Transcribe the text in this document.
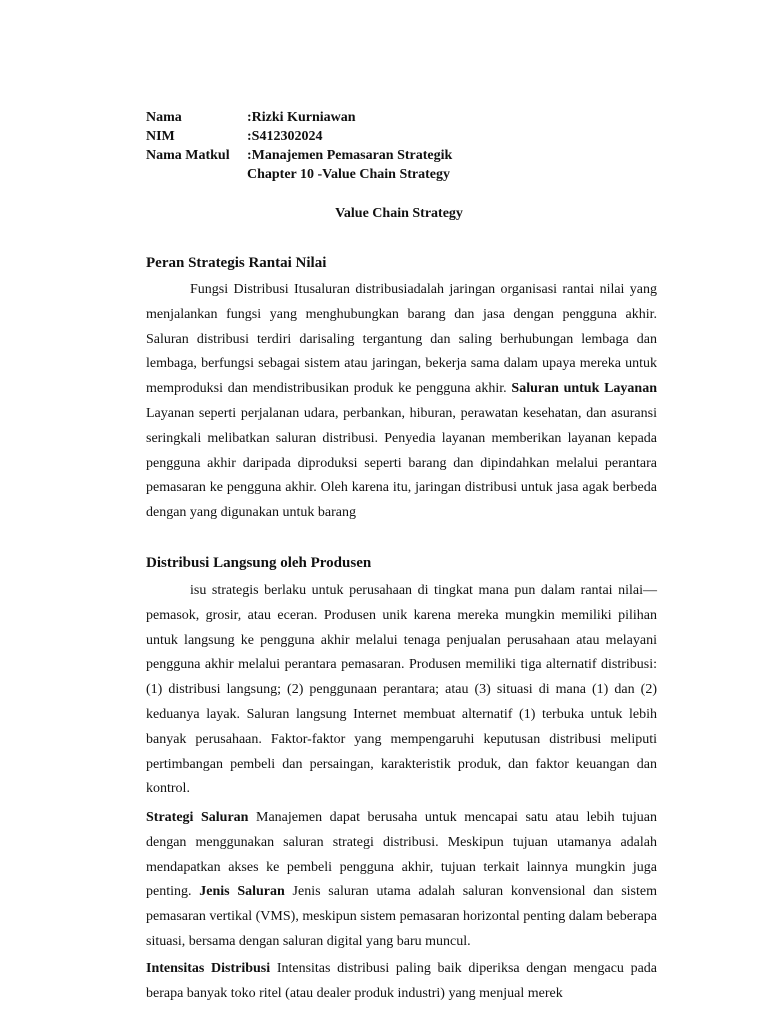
Nama	:Rizki Kurniawan
NIM	:S412302024
Nama Matkul :Manajemen Pemasaran Strategik
Chapter 10 -Value Chain Strategy
Value Chain Strategy
Peran Strategis Rantai Nilai

Fungsi Distribusi Itusaluran distribusiadalah jaringan organisasi rantai nilai yang menjalankan fungsi yang menghubungkan barang dan jasa dengan pengguna akhir. Saluran distribusi terdiri darisaling tergantung dan saling berhubungan lembaga dan lembaga, berfungsi sebagai sistem atau jaringan, bekerja sama dalam upaya mereka untuk memproduksi dan mendistribusikan produk ke pengguna akhir. Saluran untuk Layanan Layanan seperti perjalanan udara, perbankan, hiburan, perawatan kesehatan, dan asuransi seringkali melibatkan saluran distribusi. Penyedia layanan memberikan layanan kepada pengguna akhir daripada diproduksi seperti barang dan dipindahkan melalui perantara pemasaran ke pengguna akhir. Oleh karena itu, jaringan distribusi untuk jasa agak berbeda dengan yang digunakan untuk barang

Distribusi Langsung oleh Produsen

isu strategis berlaku untuk perusahaan di tingkat mana pun dalam rantai nilai— pemasok, grosir, atau eceran. Produsen unik karena mereka mungkin memiliki pilihan untuk langsung ke pengguna akhir melalui tenaga penjualan perusahaan atau melayani pengguna akhir melalui perantara pemasaran. Produsen memiliki tiga alternatif distribusi: (1) distribusi langsung; (2) penggunaan perantara; atau (3) situasi di mana (1) dan (2) keduanya layak. Saluran langsung Internet membuat alternatif (1) terbuka untuk lebih banyak perusahaan. Faktor-faktor yang mempengaruhi keputusan distribusi meliputi pertimbangan pembeli dan persaingan, karakteristik produk, dan faktor keuangan dan kontrol.

Strategi Saluran Manajemen dapat berusaha untuk mencapai satu atau lebih tujuan dengan menggunakan saluran strategi distribusi. Meskipun tujuan utamanya adalah mendapatkan akses ke pembeli pengguna akhir, tujuan terkait lainnya mungkin juga penting. Jenis Saluran Jenis saluran utama adalah saluran konvensional dan sistem pemasaran vertikal (VMS), meskipun sistem pemasaran horizontal penting dalam beberapa situasi, bersama dengan saluran digital yang baru muncul.

Intensitas Distribusi Intensitas distribusi paling baik diperiksa dengan mengacu pada berapa banyak toko ritel (atau dealer produk industri) yang menjual merek
